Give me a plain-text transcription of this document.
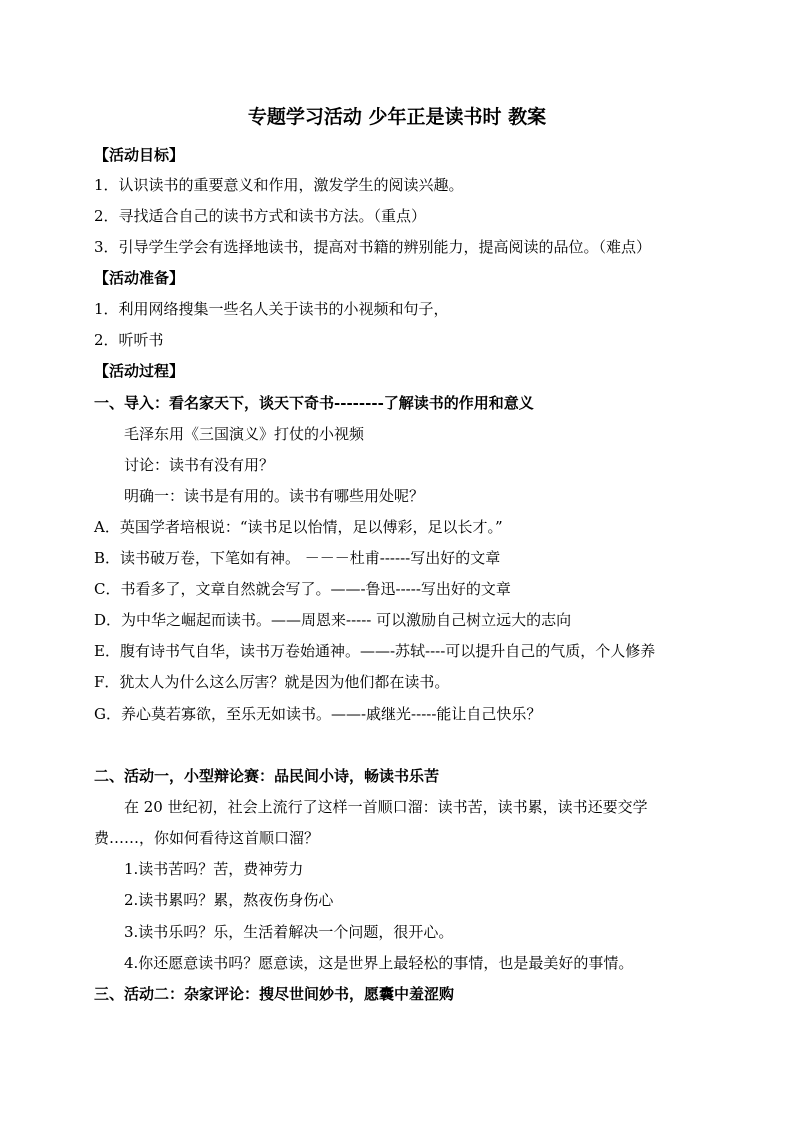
专题学习活动 少年正是读书时 教案
【活动目标】
1．认识读书的重要意义和作用，激发学生的阅读兴趣。
2．寻找适合自己的读书方式和读书方法。（重点）
3．引导学生学会有选择地读书，提高对书籍的辨别能力，提高阅读的品位。（难点）
【活动准备】
1．利用网络搜集一些名人关于读书的小视频和句子，
2．听听书
【活动过程】
一、导入：看名家天下，谈天下奇书--------了解读书的作用和意义
毛泽东用《三国演义》打仗的小视频
讨论：读书有没有用？
明确一：读书是有用的。读书有哪些用处呢？
A．英国学者培根说：“读书足以怡情，足以傅彩，足以长才。”
B．读书破万卷，下笔如有神。 －－－杜甫------写出好的文章
C．书看多了，文章自然就会写了。——-鲁迅-----写出好的文章
D．为中华之崛起而读书。——周恩来----- 可以激励自己树立远大的志向
E．腹有诗书气自华，读书万卷始通神。——-苏轼----可以提升自己的气质，个人修养
F．犹太人为什么这么厉害？就是因为他们都在读书。
G．养心莫若寡欲，至乐无如读书。——-戚继光-----能让自己快乐？
二、活动一，小型辩论赛：品民间小诗，畅读书乐苦
在 20 世纪初，社会上流行了这样一首顺口溜：读书苦，读书累，读书还要交学
费……，你如何看待这首顺口溜？
1.读书苦吗？苦，费神劳力
2.读书累吗？累，熬夜伤身伤心
3.读书乐吗？乐，生活着解决一个问题，很开心。
4.你还愿意读书吗？愿意读，这是世界上最轻松的事情，也是最美好的事情。
三、活动二：杂家评论：搜尽世间妙书，愿囊中羞涩购
